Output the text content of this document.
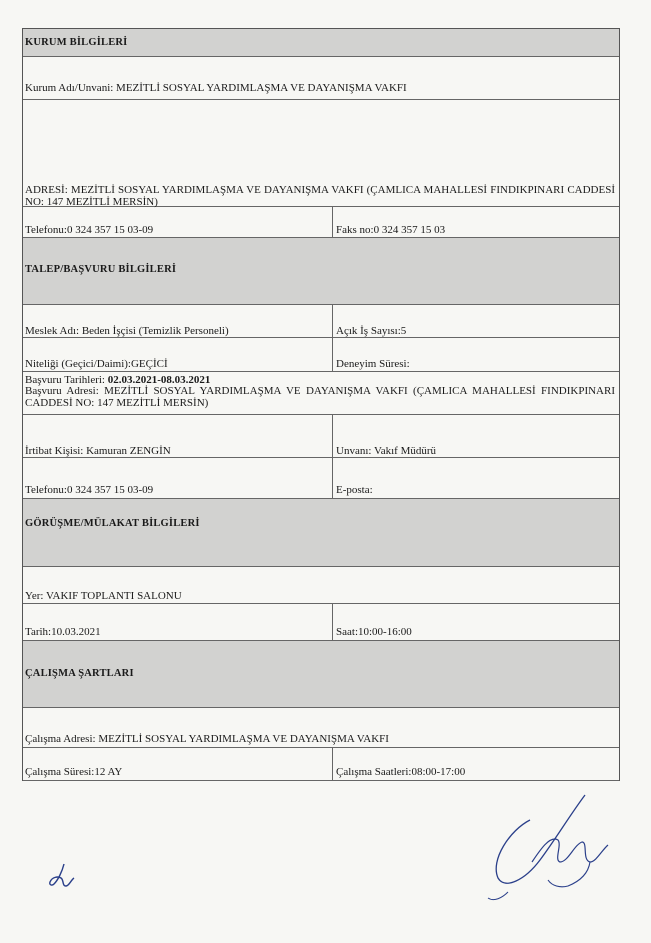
KURUM BİLGİLERİ
Kurum Adı/Unvani: MEZİTLİ SOSYAL YARDIMLAŞMA VE DAYANIŞMA VAKFI
ADRESİ: MEZİTLİ SOSYAL YARDIMLAŞMA VE DAYANIŞMA VAKFI (ÇAMLICA MAHALLESİ FINDIKPINARI CADDESİ NO: 147 MEZİTLİ MERSİN)
Telefonu:0 324 357 15 03-09	Faks no:0 324 357 15 03
TALEP/BAŞVURU BİLGİLERİ
Meslek Adı: Beden İşçisi (Temizlik Personeli)	Açık İş Sayısı:5
Niteliği (Geçici/Daimi):GEÇİCİ	Deneyim Süresi:
Başvuru Tarihleri: 02.03.2021-08.03.2021
Başvuru Adresi: MEZİTLİ SOSYAL YARDIMLAŞMA VE DAYANIŞMA VAKFI (ÇAMLICA MAHALLESİ FINDIKPINARI CADDESİ NO: 147 MEZİTLİ MERSİN)
İrtibat Kişisi: Kamuran ZENGİN	Unvanı: Vakıf Müdürü
Telefonu:0 324 357 15 03-09	E-posta:
GÖRÜŞME/MÜLAKAT BİLGİLERİ
Yer: VAKIF TOPLANTI SALONU
Tarih:10.03.2021	Saat:10:00-16:00
ÇALIŞMA ŞARTLARI
Çalışma Adresi: MEZİTLİ SOSYAL YARDIMLAŞMA VE DAYANIŞMA VAKFI
Çalışma Süresi:12 AY	Çalışma Saatleri:08:00-17:00
